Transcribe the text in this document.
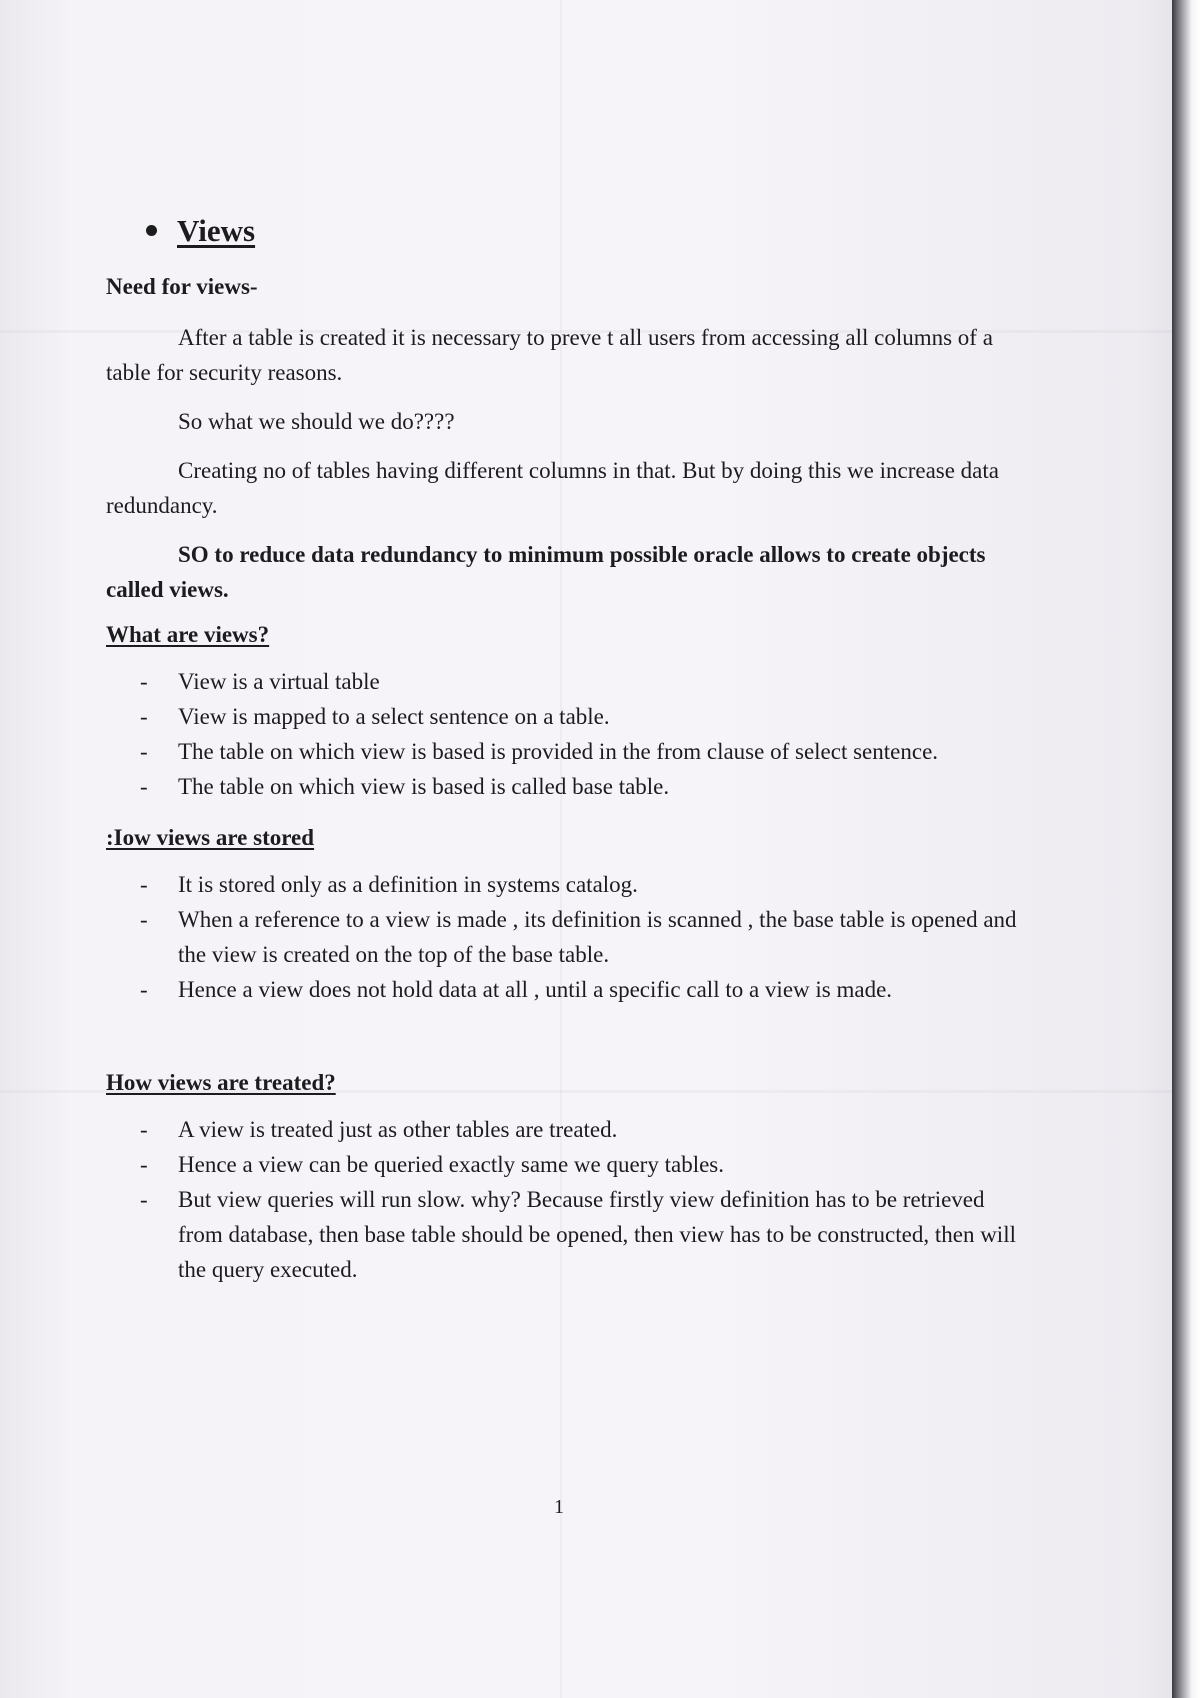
Views
Need for views-

After a table is created it is necessary to preve t all users from accessing all columns of a table for security reasons.

So what we should we do????

Creating no of tables having different columns in that. But by doing this we increase data redundancy.

SO to reduce data redundancy to minimum possible oracle allows to create objects called views.

What are views?
- View is a virtual table
- View is mapped to a select sentence on a table.
- The table on which view is based is provided in the from clause of select sentence.
- The table on which view is based is called base table.
:Iow views are stored
- It is stored only as a definition in systems catalog.
- When a reference to a view is made , its definition is scanned , the base table is opened and the view is created on the top of the base table.
- Hence a view does not hold data at all , until a specific call to a view is made.
How views are treated?
- A view is treated just as other tables are treated.
- Hence a view can be queried exactly same we query tables.
- But view queries will run slow. why? Because firstly view definition has to be retrieved from database, then base table should be opened, then view has to be constructed, then will the query executed.
1
